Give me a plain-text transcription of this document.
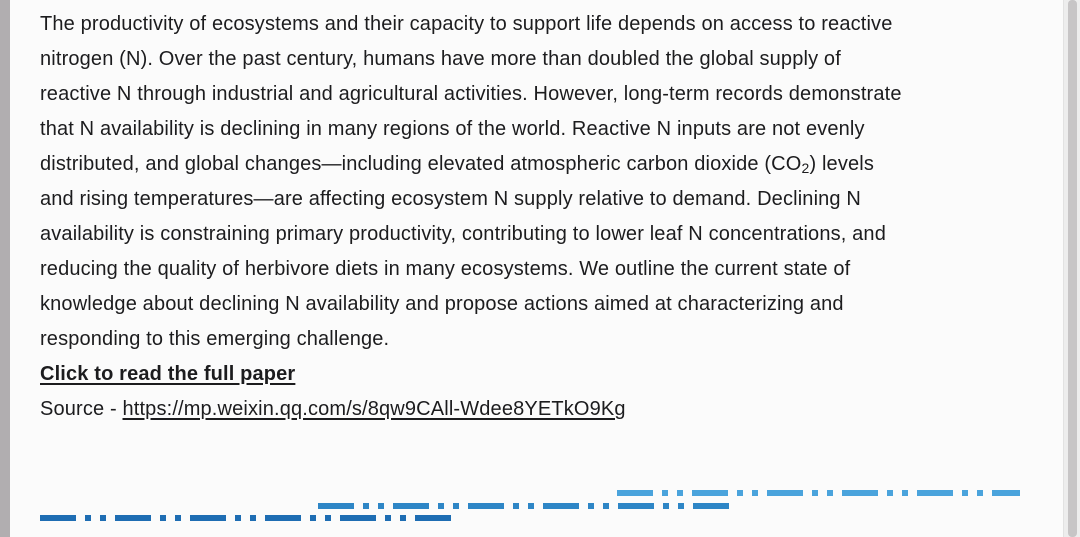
The productivity of ecosystems and their capacity to support life depends on access to reactive
nitrogen (N). Over the past century, humans have more than doubled the global supply of
reactive N through industrial and agricultural activities. However, long-term records demonstrate
that N availability is declining in many regions of the world. Reactive N inputs are not evenly
distributed, and global changes—including elevated atmospheric carbon dioxide $(CO_2)$ levels
and rising temperatures—are affecting ecosystem N supply relative to demand. Declining N
availability is constraining primary productivity, contributing to lower leaf N concentrations, and
reducing the quality of herbivore diets in many ecosystems. We outline the current state of
knowledge about declining N availability and propose actions aimed at characterizing and
responding to this emerging challenge.
Click to read the full paper
Source - https://mp.weixin.qq.com/s/8qw9CAll-Wdee8YETkO9Kg
